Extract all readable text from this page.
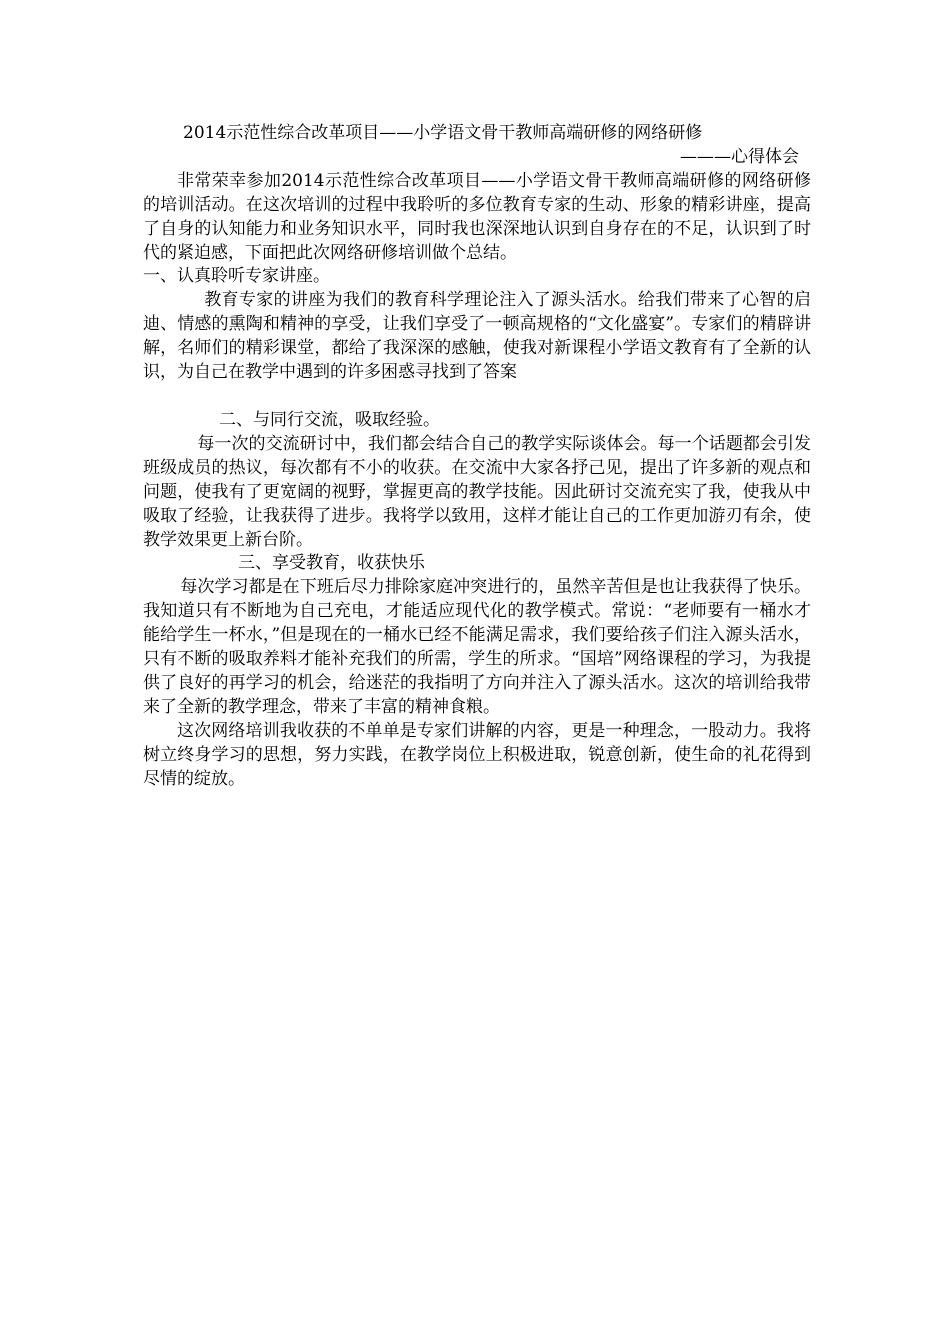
2014示范性综合改革项目——小学语文骨干教师高端研修的网络研修
———心得体会

非常荣幸参加2014示范性综合改革项目——小学语文骨干教师高端研修的网络研修的培训活动。在这次培训的过程中我聆听的多位教育专家的生动、形象的精彩讲座，提高了自身的认知能力和业务知识水平，同时我也深深地认识到自身存在的不足，认识到了时代的紧迫感，下面把此次网络研修培训做个总结。

一、认真聆听专家讲座。

教育专家的讲座为我们的教育科学理论注入了源头活水。给我们带来了心智的启迪、情感的熏陶和精神的享受，让我们享受了一顿高规格的“文化盛宴”。专家们的精辟讲解，名师们的精彩课堂，都给了我深深的感触，使我对新课程小学语文教育有了全新的认识，为自己在教学中遇到的许多困惑寻找到了答案

二、与同行交流，吸取经验。

每一次的交流研讨中，我们都会结合自己的教学实际谈体会。每一个话题都会引发班级成员的热议，每次都有不小的收获。在交流中大家各抒己见，提出了许多新的观点和问题，使我有了更宽阔的视野，掌握更高的教学技能。因此研讨交流充实了我，使我从中吸取了经验，让我获得了进步。我将学以致用，这样才能让自己的工作更加游刃有余，使教学效果更上新台阶。

三、享受教育，收获快乐

每次学习都是在下班后尽力排除家庭冲突进行的，虽然辛苦但是也让我获得了快乐。我知道只有不断地为自己充电，才能适应现代化的教学模式。常说：“老师要有一桶水才能给学生一杯水，”但是现在的一桶水已经不能满足需求，我们要给孩子们注入源头活水，只有不断的吸取养料才能补充我们的所需，学生的所求。“国培”网络课程的学习，为我提供了良好的再学习的机会，给迷茫的我指明了方向并注入了源头活水。这次的培训给我带来了全新的教学理念，带来了丰富的精神食粮。

这次网络培训我收获的不单单是专家们讲解的内容，更是一种理念，一股动力。我将树立终身学习的思想，努力实践，在教学岗位上积极进取，锐意创新，使生命的礼花得到尽情的绽放。
